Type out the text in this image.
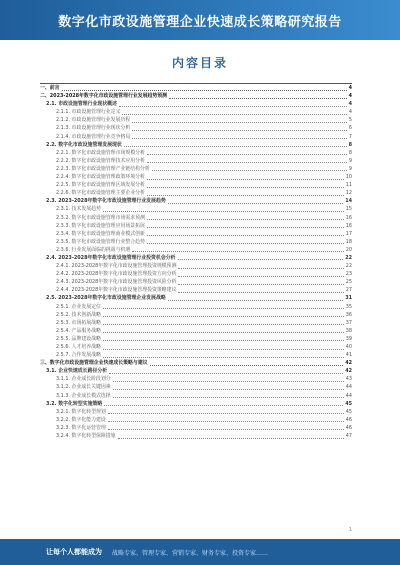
数字化市政设施管理企业快速成长策略研究报告
内容目录
一、前言	4
二、2023-2028年数字化市政设施管理行业发展趋势预测	4
2.1. 市政设施管理行业现状概述	4
2.1.1. 市政设施管理行业定义	4
2.1.2. 市政设施管理行业发展历程	5
2.1.3. 市政设施管理行业现状分析	6
2.1.4. 市政设施管理行业竞争格局	7
2.2. 数字化市政设施管理发展现状	8
2.2.1. 数字化市政设施管理市场规模分析	8
2.2.2. 数字化市政设施管理技术应用分析	9
2.2.3. 数字化市政设施管理产业链结构分析	9
2.2.4. 数字化市政设施管理政策环境分析	10
2.2.5. 数字化市政设施管理区域发展分析	11
2.2.6. 数字化市政设施管理主要企业分析	12
2.3. 2023-2028年数字化市政设施管理行业发展趋势	14
2.3.1. 技术发展趋势	15
2.3.2. 数字化市政设施管理市场需求预测	16
2.3.3. 数字化市政设施管理应用场景拓展	16
2.3.4. 数字化市政设施管理商业模式创新	17
2.3.5. 数字化市政设施管理行业整合趋势	18
2.3.6. 行业发展面临的挑战与机遇	20
2.4. 2023-2028年数字化市政设施管理行业投资机会分析	22
2.4.1. 2023-2028年数字化市政设施管理投资规模预测	22
2.4.2. 2023-2028年数字化市政设施管理投资方向分析	23
2.4.3. 2023-2028年数字化市政设施管理投资风险分析	25
2.4.4. 2023-2028年数字化市政设施管理投资策略建议	27
2.5. 2023-2028年数字化市政设施管理企业发展战略	31
2.5.1. 企业发展定位	35
2.5.2. 技术创新战略	36
2.5.3. 市场拓展战略	37
2.5.4. 产品服务战略	38
2.5.5. 品牌建设战略	39
2.5.6. 人才培养战略	40
2.5.7. 合作发展战略	41
三、数字化市政设施管理企业快速成长策略与建议	42
3.1. 企业快速成长路径分析	42
3.1.1. 企业成长阶段划分	43
3.1.2. 企业成长关键因素	44
3.1.3. 企业成长模式选择	44
3.2. 数字化转型实施策略	45
3.2.1. 数字化转型规划	45
3.2.2. 数字化能力建设	46
3.2.3. 数字化运营管理	46
3.2.4. 数字化转型保障措施	47
1
让每个人都能成为 战略专家、管理专家、营销专家、财务专家、投资专家……
